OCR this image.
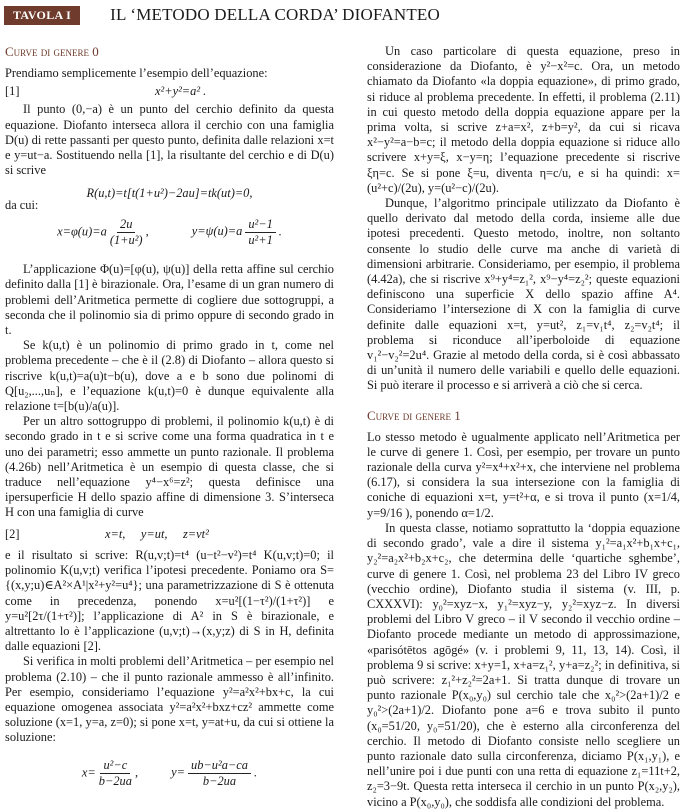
TAVOLA I	IL ‘METODO DELLA CORDA’ DIOFANTEO
Curve di genere 0

Prendiamo semplicemente l’esempio dell’equazione:

[1]	x²+y²=a² .

Il punto (0,−a) è un punto del cerchio definito da questa equazione. Diofanto interseca allora il cerchio con una famiglia D(u) di rette passanti per questo punto, definita dalle relazioni x=t e y=ut−a. Sostituendo nella [1], la risultante del cerchio e di D(u) si scrive

R(u,t)=t[t(1+u²)−2au]=tk(ut)=0,

da cui:

$x=\varphi(u)=a \frac{2u}{\text{(1+u²)}}$ ,	$y=\psi(u)=a \frac{\text{u²−1}}{\text{u²+1}}$ .

L’applicazione Φ(u)=[φ(u), ψ(u)] della retta affine sul cerchio definito dalla [1] è birazionale. Ora, l’esame di un gran numero di problemi dell’Aritmetica permette di cogliere due sottogruppi, a seconda che il polinomio sia di primo oppure di secondo grado in t.

Se k(u,t) è un polinomio di primo grado in t, come nel problema precedente – che è il (2.8) di Diofanto – allora questo si riscrive k(u,t)=a(u)t−b(u), dove a e b sono due polinomi di Q[u₂,...,uₙ], e l’equazione k(u,t)=0 è dunque equivalente alla relazione t=[b(u)/a(u)].

Per un altro sottogruppo di problemi, il polinomio k(u,t) è di secondo grado in t e si scrive come una forma quadratica in t e uno dei parametri; esso ammette un punto razionale. Il problema (4.26b) nell’Aritmetica è un esempio di questa classe, che si traduce nell’equazione y⁴−x⁶=z²; questa definisce una ipersuperficie H dello spazio affine di dimensione 3. S’interseca H con una famiglia di curve

[2]	x=t,     y=ut,     z=vt²

e il risultato si scrive: R(u,v;t)=t⁴ (u−t²−v²)=t⁴ K(u,v;t)=0; il polinomio K(u,v;t) verifica l’ipotesi precedente. Poniamo ora S={(x,y;u)∈A²×A¹|x²+y²=u⁴}; una parametrizzazione di S è ottenuta come in precedenza, ponendo x=u²[(1−τ²)/(1+τ²)] e y=u²[2τ/(1+τ²)]; l’applicazione di A² in S è birazionale, e altrettanto lo è l’applicazione (u,v;t)→(x,y;z) di S in H, definita dalle equazioni [2].

Si verifica in molti problemi dell’Aritmetica – per esempio nel problema (2.10) – che il punto razionale ammesso è all’infinito. Per esempio, consideriamo l’equazione y²=a²x²+bx+c, la cui equazione omogenea associata y²=a²x²+bxz+cz² ammette come soluzione (x=1, y=a, z=0); si pone x=t, y=at+u, da cui si ottiene la soluzione:

$x= \frac{\text{u²−c}}{b-2ua}$ , $y= \frac{\text{ub−u²a−ca}}{b-2ua}$ .

Un caso particolare di questa equazione, preso in considerazione da Diofanto, è y²−x²=c. Ora, un metodo chiamato da Diofanto «la doppia equazione», di primo grado, si riduce al problema precedente. In effetti, il problema (2.11) in cui questo metodo della doppia equazione appare per la prima volta, si scrive z+a=x², z+b=y², da cui si ricava x²−y²=a−b=c; il metodo della doppia equazione si riduce allo scrivere x+y=ξ, x−y=η; l’equazione precedente si riscrive ξη=c. Se si pone ξ=u, diventa η=c/u, e si ha quindi: x=(u²+c)/(2u), y=(u²−c)/(2u).

Dunque, l’algoritmo principale utilizzato da Diofanto è quello derivato dal metodo della corda, insieme alle due ipotesi precedenti. Questo metodo, inoltre, non soltanto consente lo studio delle curve ma anche di varietà di dimensioni arbitrarie. Consideriamo, per esempio, il problema (4.42a), che si riscrive x⁹+y⁴=z₁², x⁹−y⁴=z₂²; queste equazioni definiscono una superficie X dello spazio affine A⁴. Consideriamo l’intersezione di X con la famiglia di curve definite dalle equazioni x=t, y=ut², z₁=v₁t⁴, z₂=v₂t⁴; il problema si riconduce all’iperboloide di equazione v₁²−v₂²=2u⁴. Grazie al metodo della corda, si è così abbassato di un’unità il numero delle variabili e quello delle equazioni. Si può iterare il processo e si arriverà a ciò che si cerca.

Curve di genere 1

Lo stesso metodo è ugualmente applicato nell’Aritmetica per le curve di genere 1. Così, per esempio, per trovare un punto razionale della curva y²=x⁴+x²+x, che interviene nel problema (6.17), si considera la sua intersezione con la famiglia di coniche di equazioni x=t, y=t²+α, e si trova il punto (x=1/4, y=9/16 ), ponendo α=1/2.

In questa classe, notiamo soprattutto la ‘doppia equazione di secondo grado’, vale a dire il sistema y₁²=a₁x²+b₁x+c₁, y₂²=a₂x²+b₂x+c₂, che determina delle ‘quartiche sghembe’, curve di genere 1. Così, nel problema 23 del Libro IV greco (vecchio ordine), Diofanto studia il sistema (v. III, p. CXXXVI): y₀²=xyz−x, y₁²=xyz−y, y₂²=xyz−z. In diversi problemi del Libro V greco – il V secondo il vecchio ordine – Diofanto procede mediante un metodo di approssimazione, «parisótētos agōgé» (v. i problemi 9, 11, 13, 14). Così, il problema 9 si scrive: x+y=1, x+a=z₁², y+a=z₂²; in definitiva, si può scrivere: z₁²+z₂²=2a+1. Si tratta dunque di trovare un punto razionale P(x₀,y₀) sul cerchio tale che x₀²>(2a+1)/2 e y₀²>(2a+1)/2. Diofanto pone a=6 e trova subito il punto (x₀=51/20, y₀=51/20), che è esterno alla circonferenza del cerchio. Il metodo di Diofanto consiste nello scegliere un punto razionale dato sulla circonferenza, diciamo P(x₁,y₁), e nell’unire poi i due punti con una retta di equazione z₁=11t+2, z₂=3−9t. Questa retta interseca il cerchio in un punto P(x₂,y₂), vicino a P(x₀,y₀), che soddisfa alle condizioni del problema.
